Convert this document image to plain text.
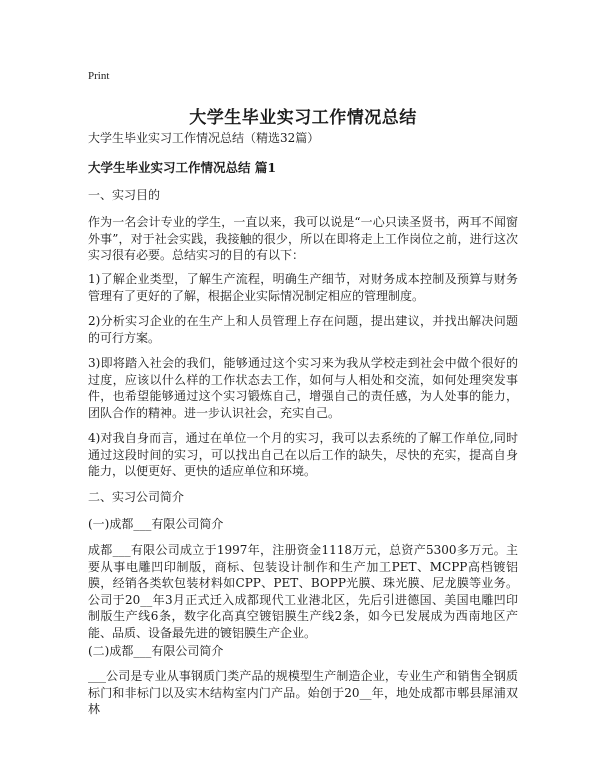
Print
大学生毕业实习工作情况总结

大学生毕业实习工作情况总结（精选32篇）

大学生毕业实习工作情况总结 篇1

一、实习目的

作为一名会计专业的学生，一直以来，我可以说是“一心只读圣贤书，两耳不闻窗外事”，对于社会实践，我接触的很少，所以在即将走上工作岗位之前，进行这次实习很有必要。总结实习的目的有以下：

1)了解企业类型，了解生产流程，明确生产细节，对财务成本控制及预算与财务管理有了更好的了解，根据企业实际情况制定相应的管理制度。

2)分析实习企业的在生产上和人员管理上存在问题，提出建议，并找出解决问题的可行方案。

3)即将踏入社会的我们，能够通过这个实习来为我从学校走到社会中做个很好的过度，应该以什么样的工作状态去工作，如何与人相处和交流，如何处理突发事件，也希望能够通过这个实习锻炼自己，增强自己的责任感，为人处事的能力，团队合作的精神。进一步认识社会，充实自己。

4)对我自身而言，通过在单位一个月的实习，我可以去系统的了解工作单位,同时通过这段时间的实习，可以找出自己在以后工作的缺失，尽快的充实，提高自身能力，以便更好、更快的适应单位和环境。

二、实习公司简介

(一)成都___有限公司简介

成都___有限公司成立于1997年，注册资金1118万元，总资产5300多万元。主要从事电雕凹印制版，商标、包装设计制作和生产加工PET、MCPP高档镀铝膜，经销各类软包装材料如CPP、PET、BOPP光膜、珠光膜、尼龙膜等业务。公司于20__年3月正式迁入成都现代工业港北区，先后引进德国、美国电雕凹印制版生产线6条，数字化高真空镀铝膜生产线2条，如今已发展成为西南地区产能、品质、设备最先进的镀铝膜生产企业。

(二)成都___有限公司简介

___公司是专业从事钢质门类产品的规模型生产制造企业，专业生产和销售全钢质标门和非标门以及实木结构室内门产品。始创于20__年，地处成都市郫县犀浦双林
